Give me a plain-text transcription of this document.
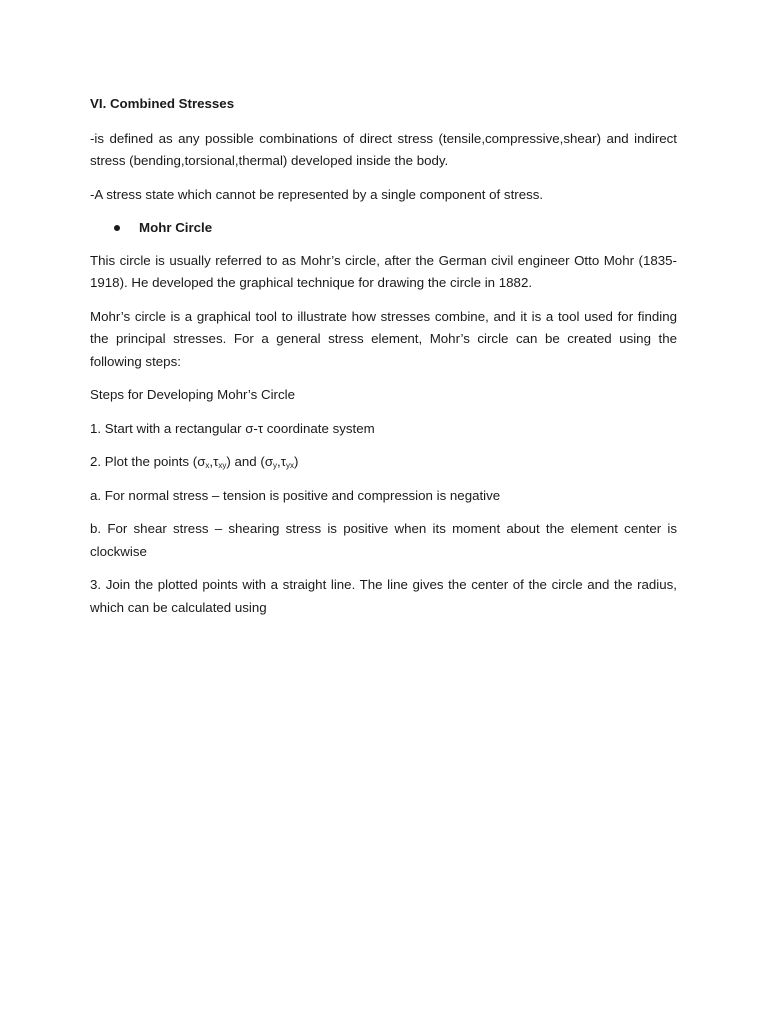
VI. Combined Stresses

-is defined as any possible combinations of direct stress (tensile,compressive,shear) and indirect stress (bending,torsional,thermal) developed inside the body.

-A stress state which cannot be represented by a single component of stress.

Mohr Circle

This circle is usually referred to as Mohr’s circle, after the German civil engineer Otto Mohr (1835-1918). He developed the graphical technique for drawing the circle in 1882.

Mohr’s circle is a graphical tool to illustrate how stresses combine, and it is a tool used for finding the principal stresses. For a general stress element, Mohr’s circle can be created using the following steps:

Steps for Developing Mohr’s Circle

1. Start with a rectangular σ-τ coordinate system

2. Plot the points $(\sigma_x,\tau_{xy})$ and $(\sigma_y,\tau_{yx})$

a. For normal stress – tension is positive and compression is negative

b. For shear stress – shearing stress is positive when its moment about the element center is clockwise

3. Join the plotted points with a straight line. The line gives the center of the circle and the radius, which can be calculated using
